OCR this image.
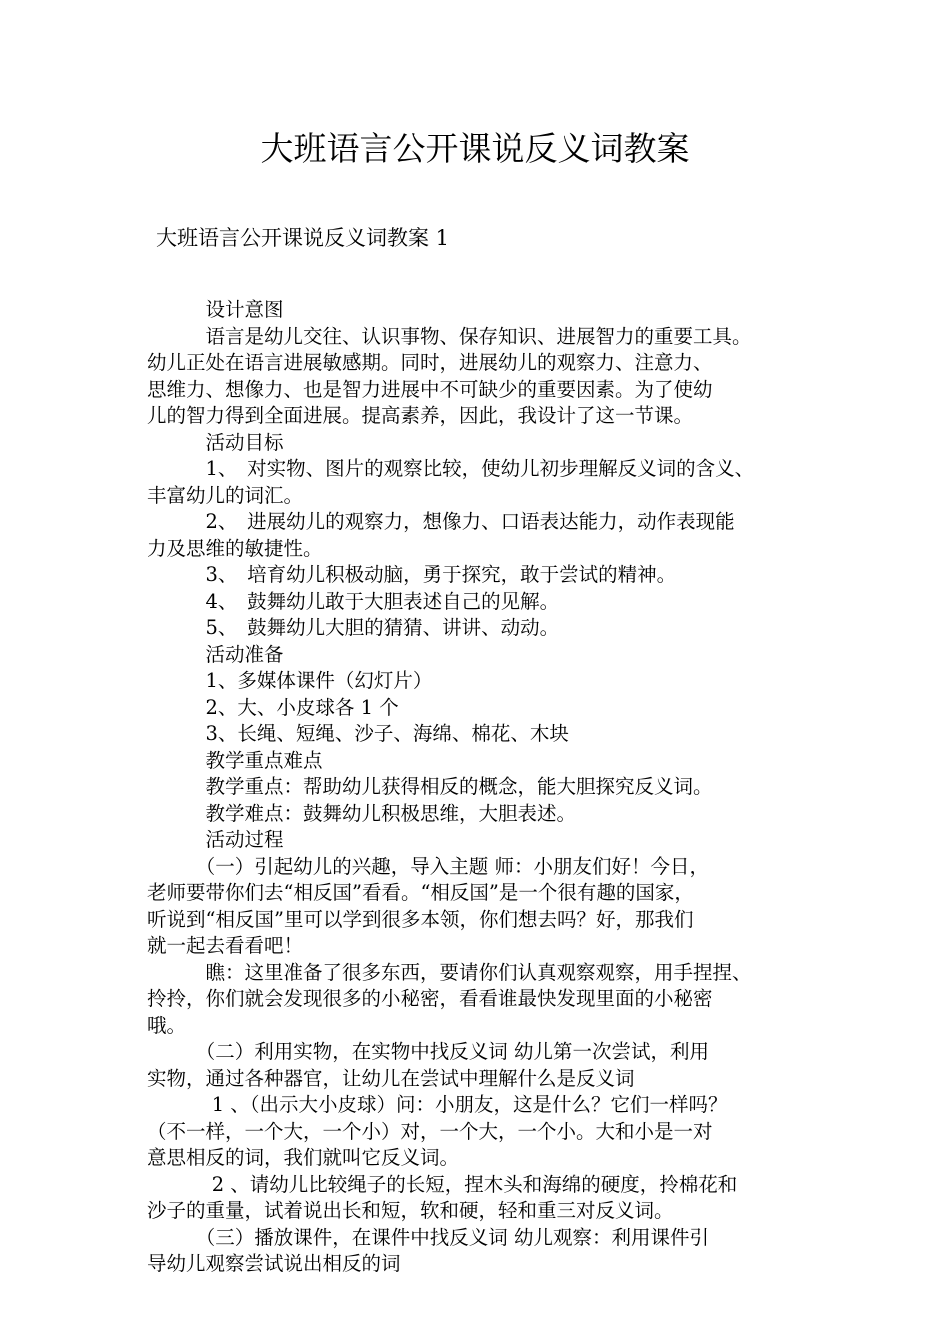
大班语言公开课说反义词教案
大班语言公开课说反义词教案 1

　　　设计意图

　　　语言是幼儿交往、认识事物、保存知识、进展智力的重要工具。

幼儿正处在语言进展敏感期。同时，进展幼儿的观察力、注意力、

思维力、想像力、也是智力进展中不可缺少的重要因素。为了使幼

儿的智力得到全面进展。提高素养，因此，我设计了这一节课。

　　　活动目标

　　　1、　对实物、图片的观察比较，使幼儿初步理解反义词的含义、

丰富幼儿的词汇。

　　　2、　进展幼儿的观察力，想像力、口语表达能力，动作表现能

力及思维的敏捷性。

　　　3、　培育幼儿积极动脑，勇于探究，敢于尝试的精神。

　　　4、　鼓舞幼儿敢于大胆表述自己的见解。

　　　5、　鼓舞幼儿大胆的猜猜、讲讲、动动。

　　　活动准备

　　　1、多媒体课件（幻灯片）

　　　2、大、小皮球各 1 个

　　　3、长绳、短绳、沙子、海绵、棉花、木块

　　　教学重点难点

　　　教学重点：帮助幼儿获得相反的概念，能大胆探究反义词。

　　　教学难点：鼓舞幼儿积极思维，大胆表述。

　　　活动过程

　　　（一）引起幼儿的兴趣，导入主题 师：小朋友们好！今日，

老师要带你们去“相反国”看看。“相反国”是一个很有趣的国家，

听说到“相反国”里可以学到很多本领，你们想去吗？好，那我们

就一起去看看吧！

　　　瞧：这里准备了很多东西，要请你们认真观察观察，用手捏捏、

拎拎，你们就会发现很多的小秘密，看看谁最快发现里面的小秘密

哦。

　　　（二）利用实物，在实物中找反义词 幼儿第一次尝试，利用

实物，通过各种器官，让幼儿在尝试中理解什么是反义词

　　　 1 、（出示大小皮球）问：小朋友，这是什么？它们一样吗？

（不一样，一个大，一个小）对，一个大，一个小。大和小是一对

意思相反的词，我们就叫它反义词。

　　　 2 、请幼儿比较绳子的长短，捏木头和海绵的硬度，拎棉花和

沙子的重量，试着说出长和短，软和硬，轻和重三对反义词。

　　　（三）播放课件，在课件中找反义词 幼儿观察：利用课件引

导幼儿观察尝试说出相反的词
